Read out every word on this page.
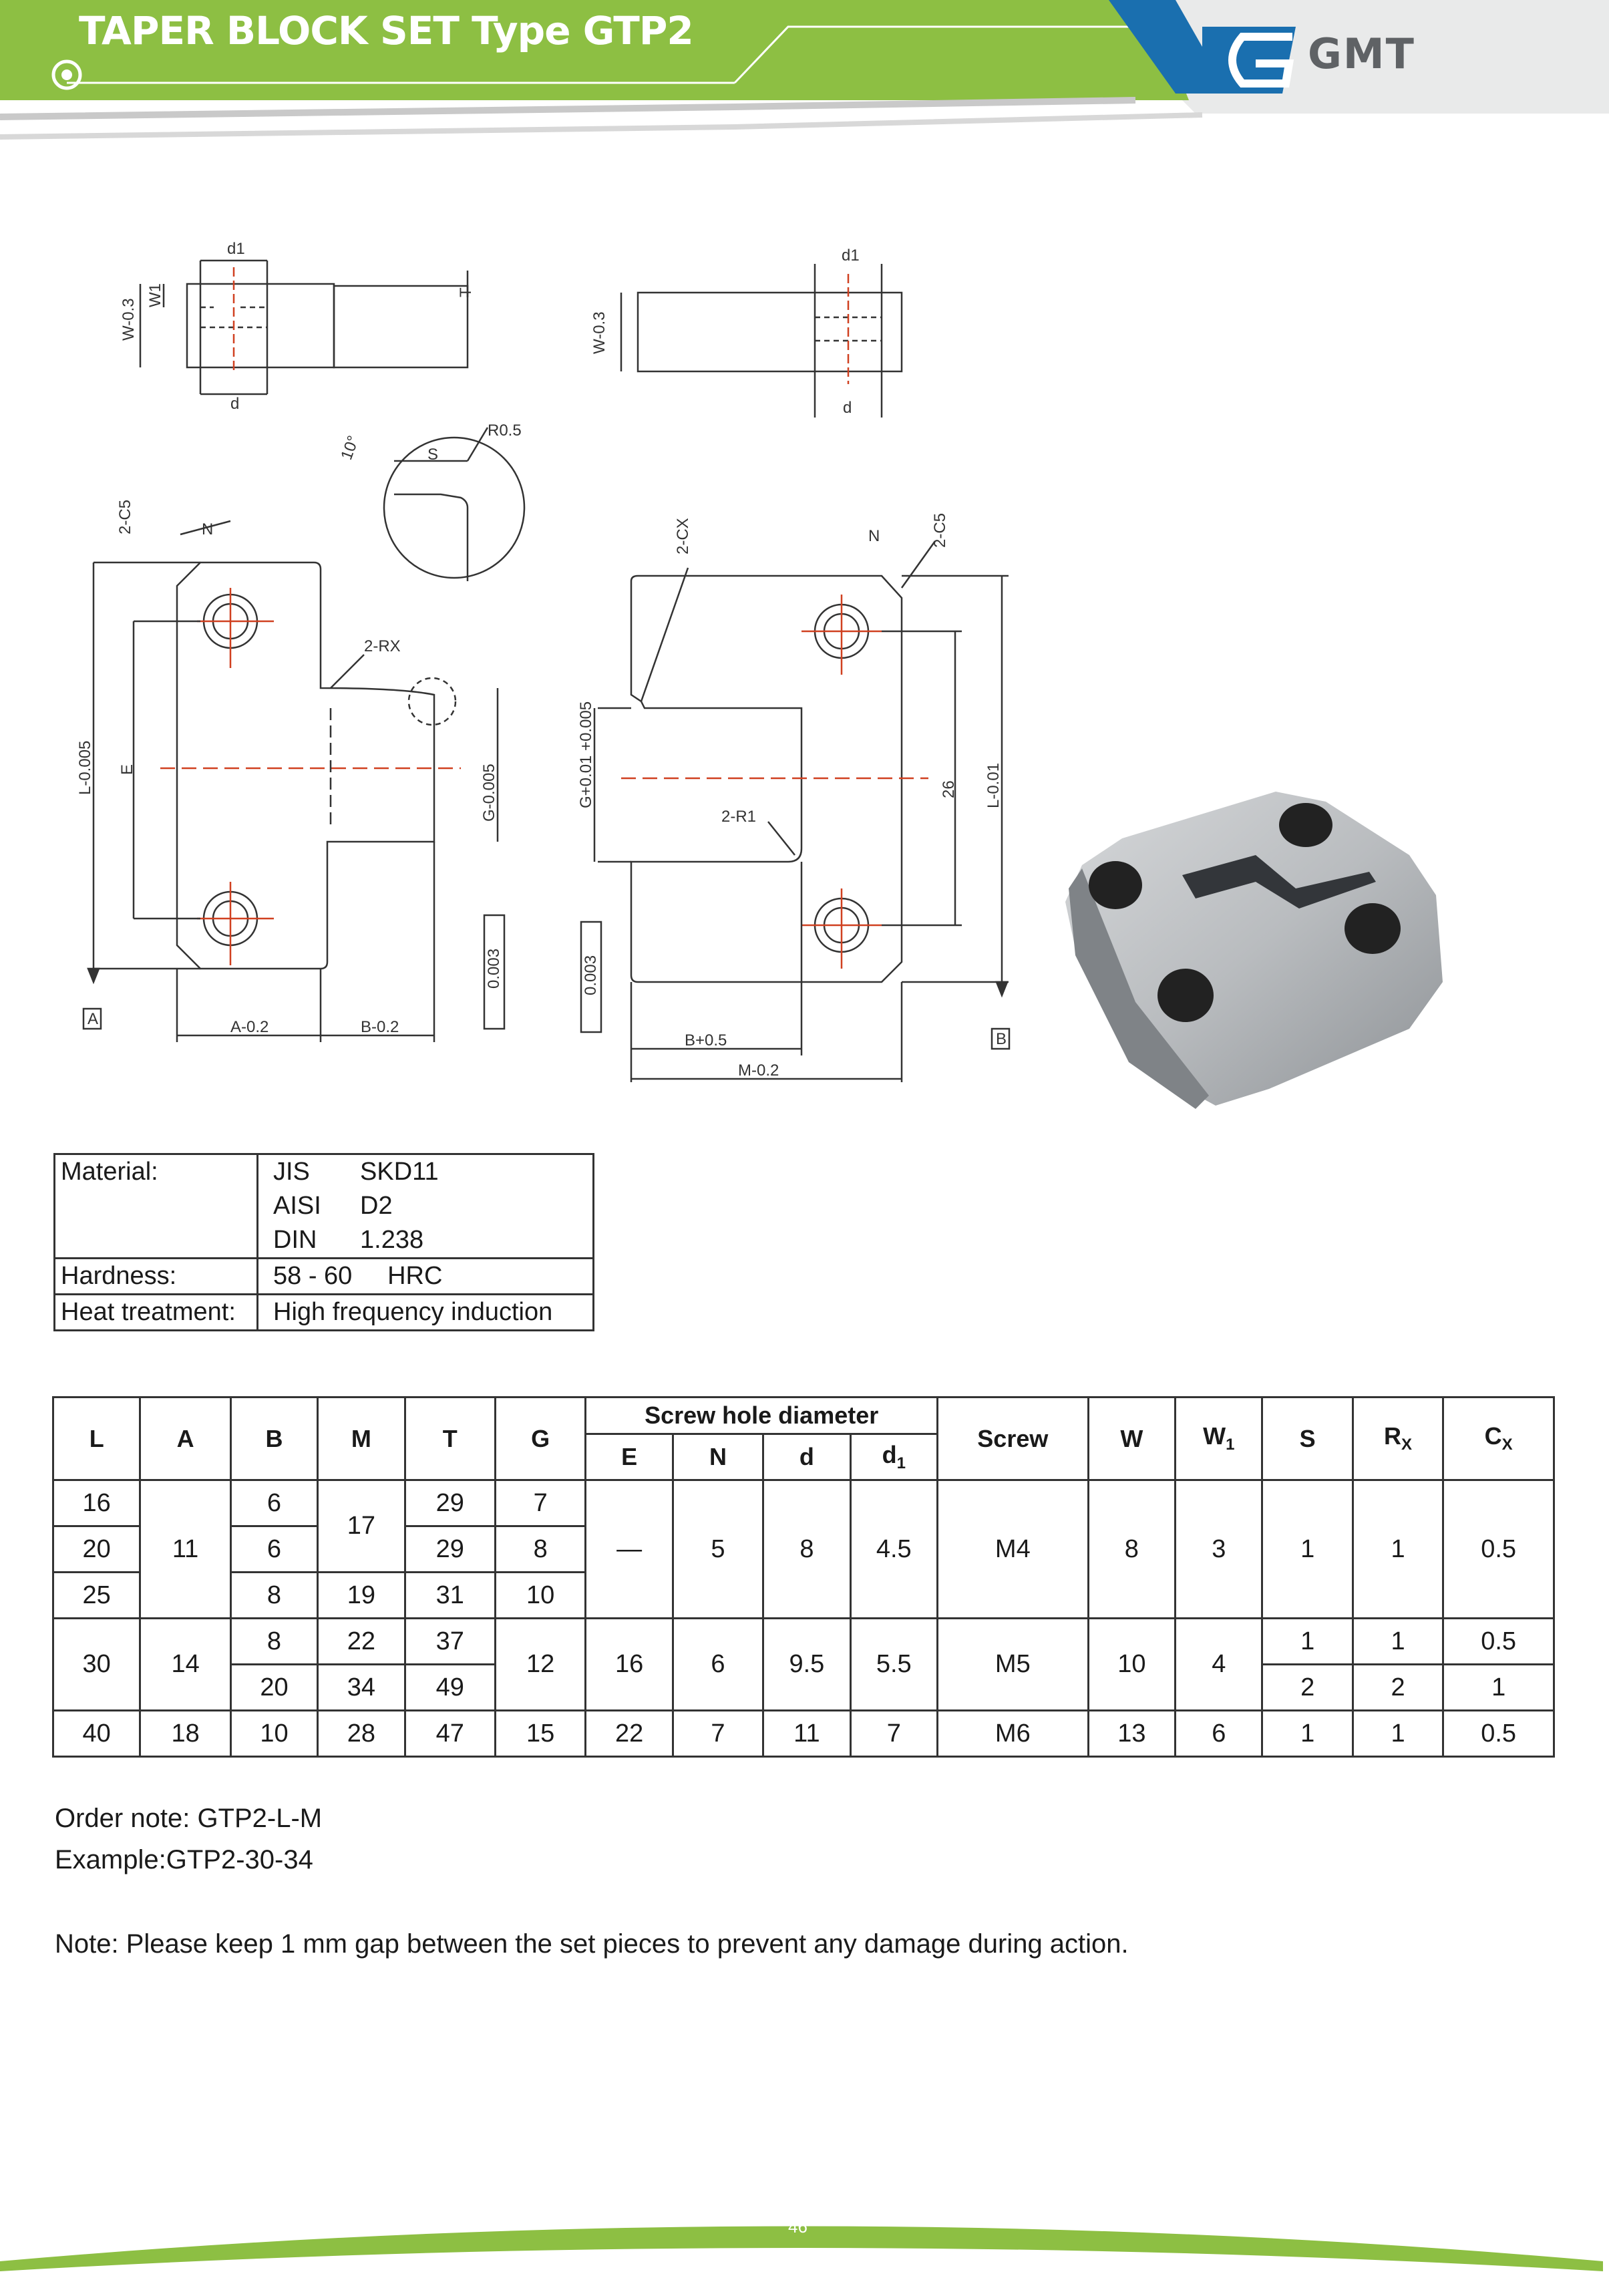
TAPER BLOCK SET Type GTP2	GMT
d1
d
T
W-0.3
W1
d1
d
W-0.3
R0.5
S
10°
2-C5	N
2-RX
L-0.005 E	G-0.005
0.003
A	A-0.2	B-0.2
2-CX	N	2-C5
2-R1
G+0.01 +0.005	26 L-0.01
0.003
B
B+0.5
M-0.2
Material:	JIS SKD11
	AISI D2
	DIN 1.238
Hardness:	58 - 60     HRC
Heat treatment:	High frequency induction
L	A	B	M	T	G	Screw hole diameter				Screw	W	$W_1$	S	$R_X$	$C_X$
						E	N	d	$d_1$
16	11	6	17	29	7	—	5	8	4.5	M4	8	3	1	1	0.5
20		6		29	8										
25		8	19	31	10										
30	14	8	22	37	12	16	6	9.5	5.5	M5	10	4	1	1	0.5
		20	34	49									2	2	1
40	18	10	28	47	15	22	7	11	7	M6	13	6	1	1	0.5
Order note: GTP2-L-M
Example:GTP2-30-34
Note: Please keep 1 mm gap between the set pieces to prevent any damage during action.
46
